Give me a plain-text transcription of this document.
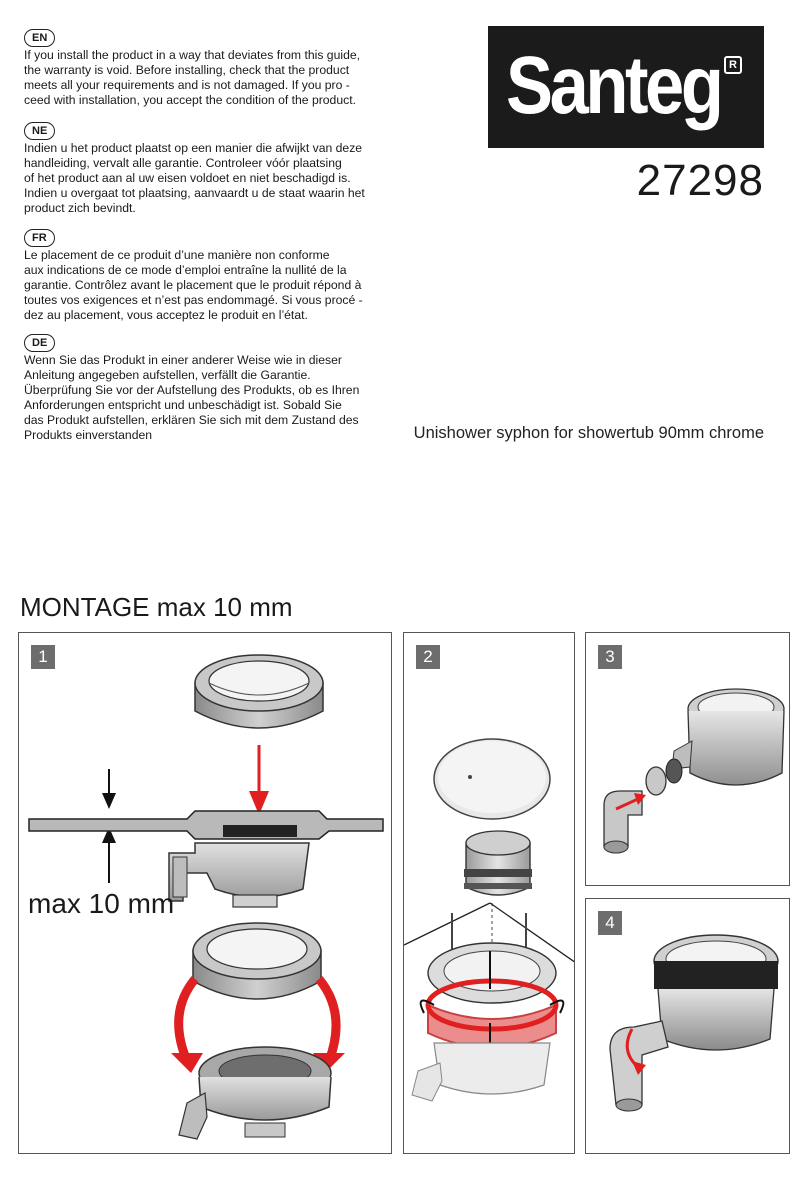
EN
If you install the product in a way that deviates from this guide,
the warranty is void. Before installing, check that the product
meets all your requirements and is not damaged. If you pro -
ceed with installation, you accept the condition of the product.
NE
Indien u het product plaatst op een manier die afwijkt van deze
handleiding, vervalt alle garantie. Controleer vóór plaatsing
of het product aan al uw eisen voldoet en niet beschadigd is.
Indien u overgaat tot plaatsing, aanvaardt u de staat waarin het
product zich bevindt.
FR
Le placement de ce produit d’une manière non conforme
aux indications de ce mode d’emploi entraîne la nullité de la
garantie. Contrôlez avant le placement que le produit répond à
toutes vos exigences et n’est pas endommagé. Si vous procé -
dez au placement, vous acceptez le produit en l’état.
DE
Wenn Sie das Produkt in einer anderer Weise wie in dieser
Anleitung angegeben aufstellen, verfällt die Garantie.
Überprüfung Sie vor der Aufstellung des Produkts, ob es Ihren
Anforderungen entspricht und unbeschädigt ist. Sobald Sie
das Produkt aufstellen, erklären Sie sich mit dem Zustand des
Produkts einverstanden
Santeg R
27298
Unishower syphon for showertub 90mm chrome
MONTAGE max 10 mm
1
max 10 mm
2	3
4
